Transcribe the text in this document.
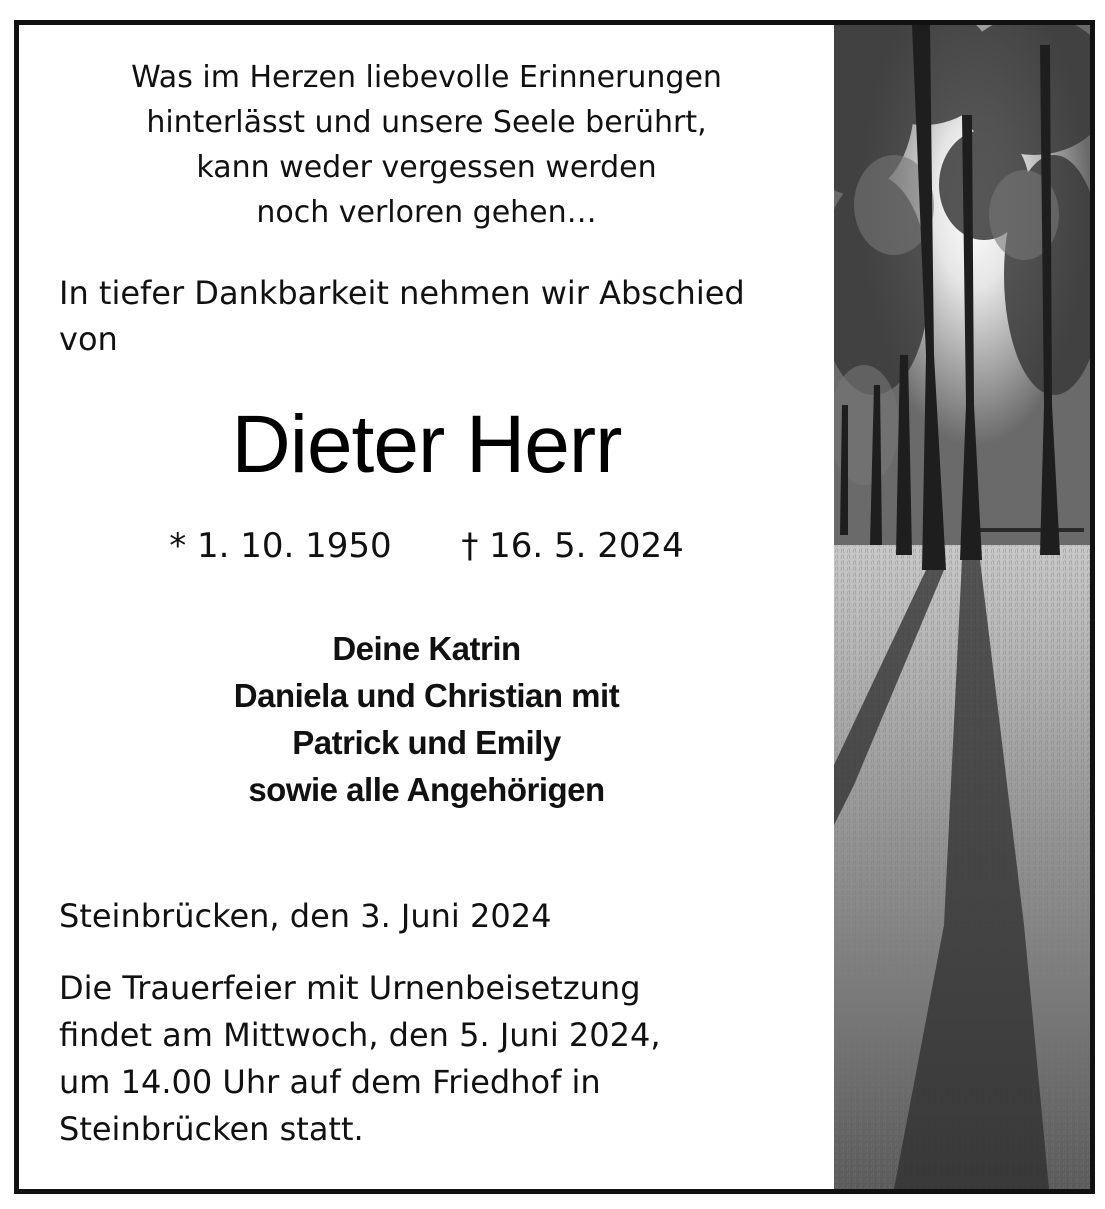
Was im Herzen liebevolle Erinnerungen
hinterlässt und unsere Seele berührt,
kann weder vergessen werden
noch verloren gehen…
In tiefer Dankbarkeit nehmen wir Abschied
von
Dieter Herr
* 1. 10. 1950 † 16. 5. 2024
Deine Katrin
Daniela und Christian mit
Patrick und Emily
sowie alle Angehörigen
Steinbrücken, den 3. Juni 2024
Die Trauerfeier mit Urnenbeisetzung
findet am Mittwoch, den 5. Juni 2024,
um 14.00 Uhr auf dem Friedhof in
Steinbrücken statt.
